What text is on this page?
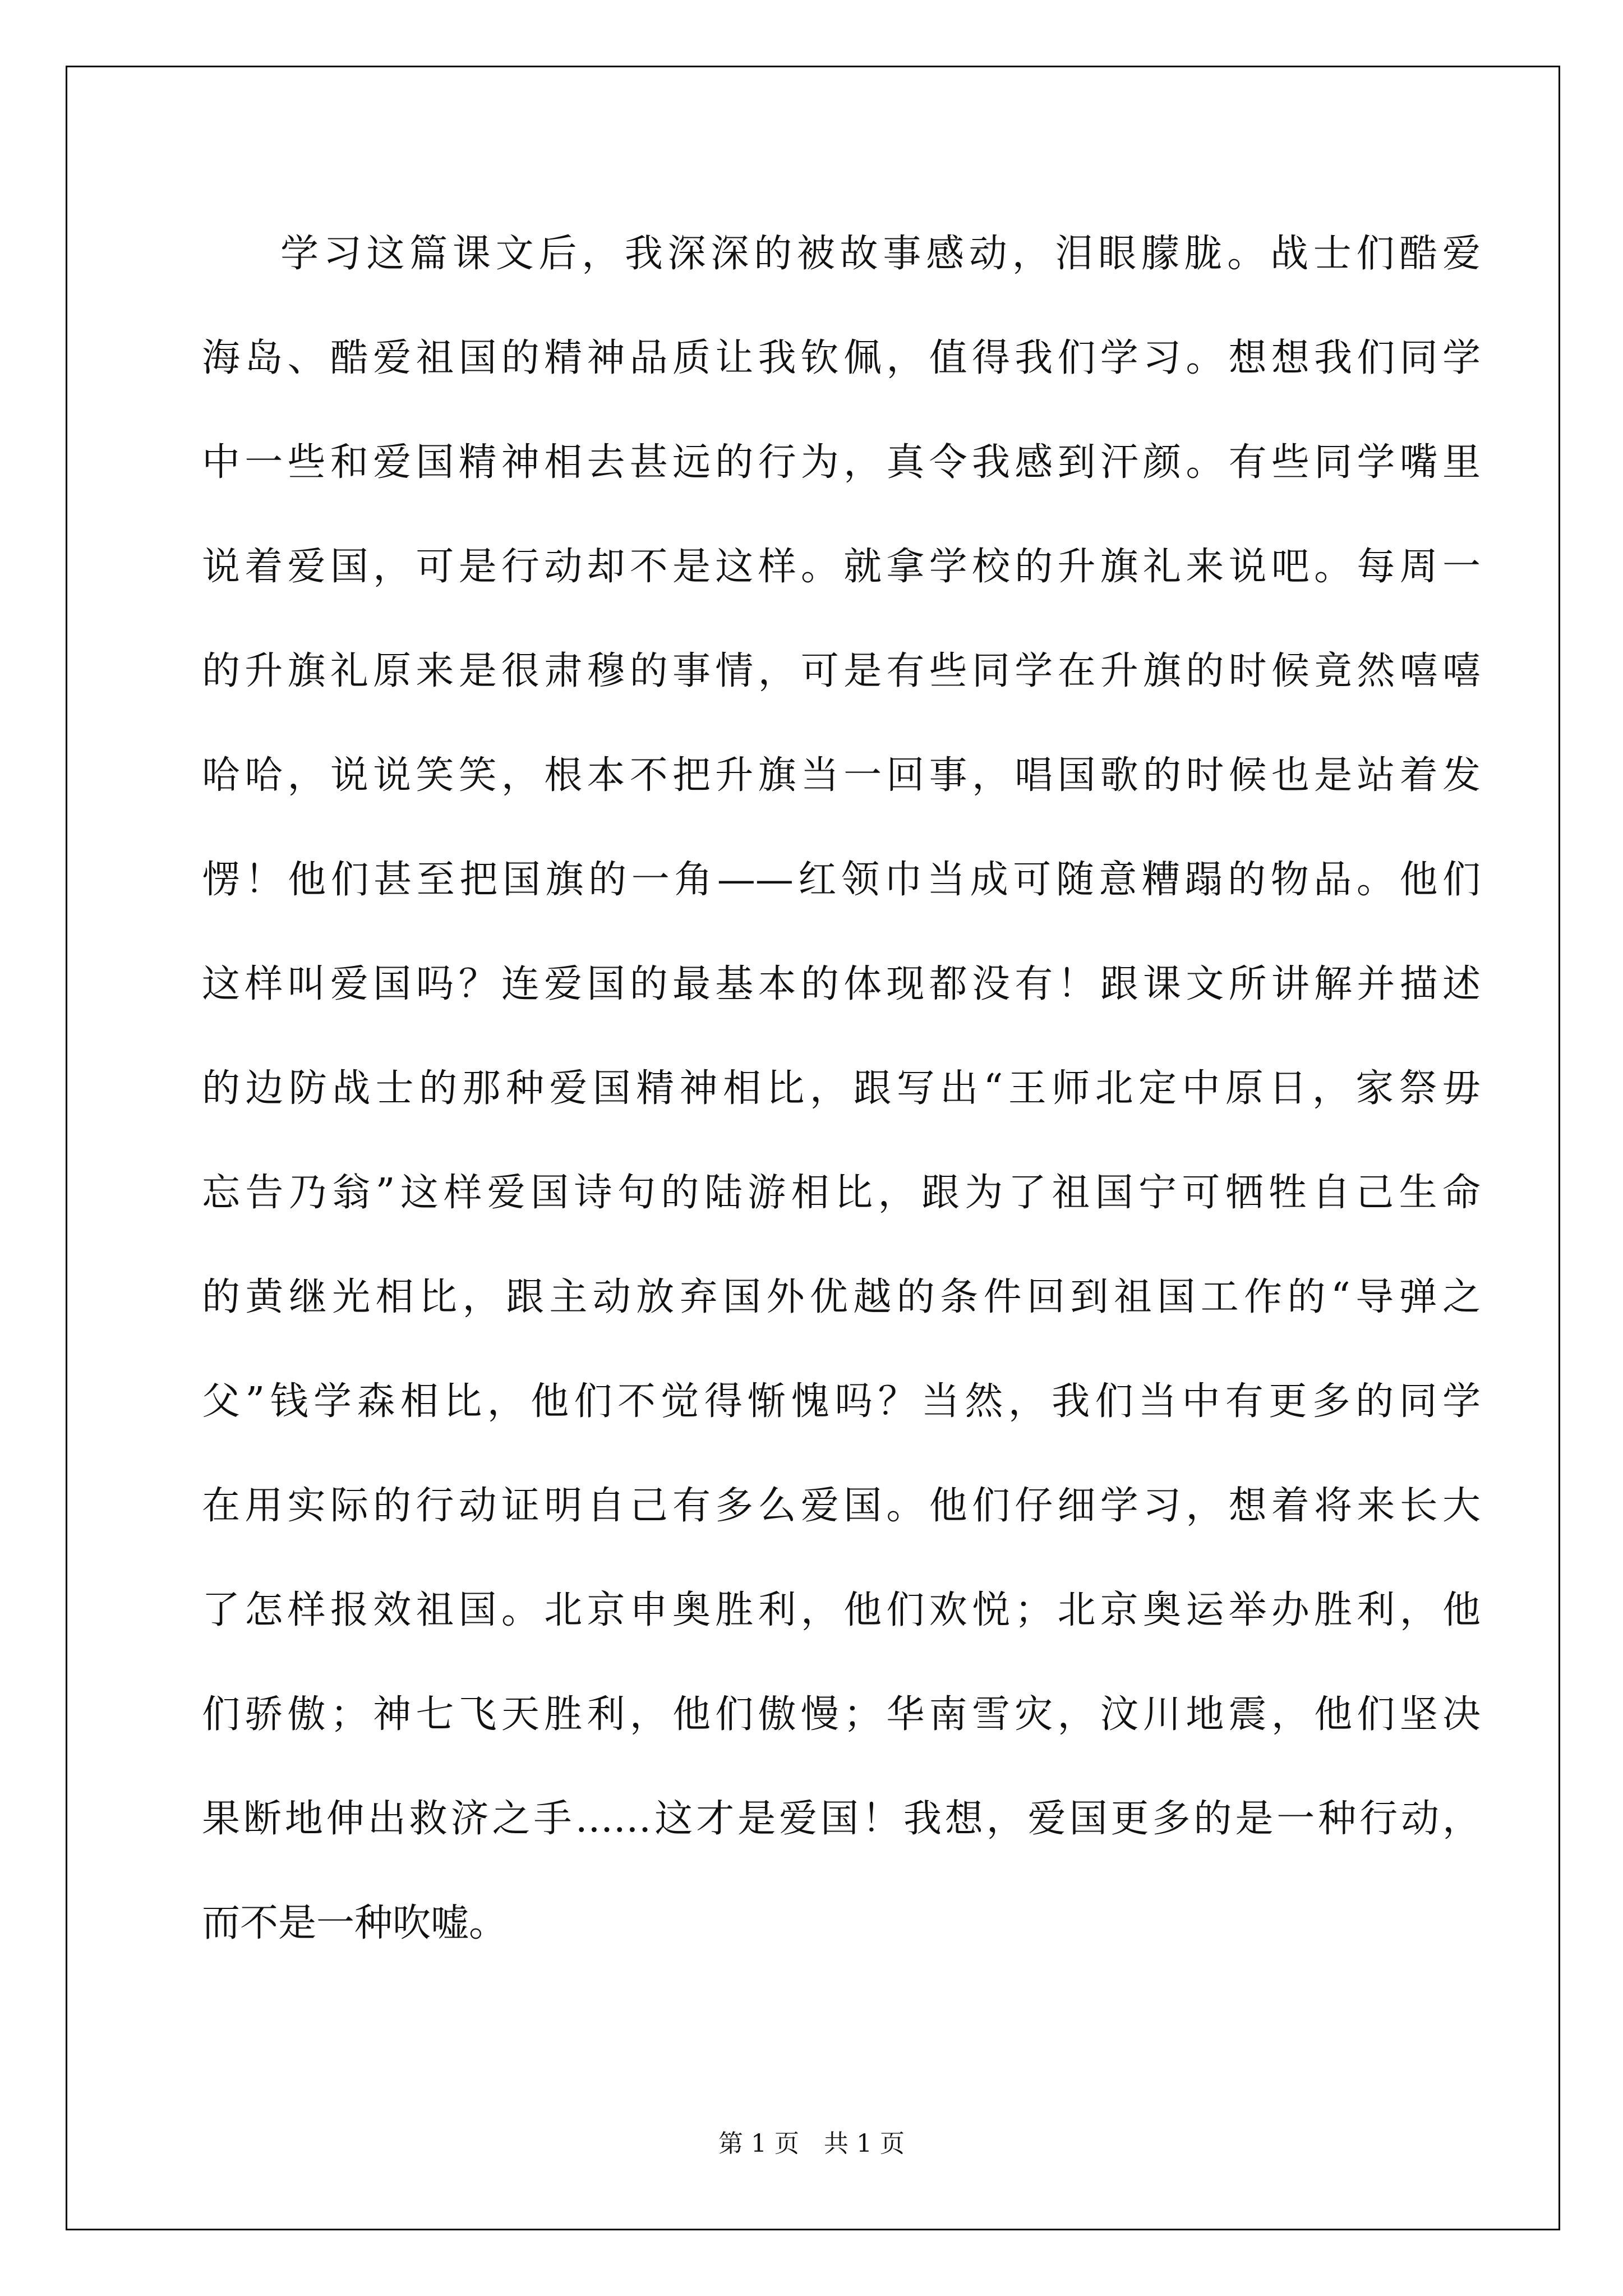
学习这篇课文后，我深深的被故事感动，泪眼朦胧。战士们酷爱
海岛、酷爱祖国的精神品质让我钦佩，值得我们学习。想想我们同学
中一些和爱国精神相去甚远的行为，真令我感到汗颜。有些同学嘴里
说着爱国，可是行动却不是这样。就拿学校的升旗礼来说吧。每周一
的升旗礼原来是很肃穆的事情，可是有些同学在升旗的时候竟然嘻嘻
哈哈，说说笑笑，根本不把升旗当一回事，唱国歌的时候也是站着发
愣！他们甚至把国旗的一角——红领巾当成可随意糟蹋的物品。他们
这样叫爱国吗？连爱国的最基本的体现都没有！跟课文所讲解并描述
的边防战士的那种爱国精神相比，跟写出“王师北定中原日，家祭毋
忘告乃翁”这样爱国诗句的陆游相比，跟为了祖国宁可牺牲自己生命
的黄继光相比，跟主动放弃国外优越的条件回到祖国工作的“导弹之
父”钱学森相比，他们不觉得惭愧吗？当然，我们当中有更多的同学
在用实际的行动证明自己有多么爱国。他们仔细学习，想着将来长大
了怎样报效祖国。北京申奥胜利，他们欢悦；北京奥运举办胜利，他
们骄傲；神七飞天胜利，他们傲慢；华南雪灾，汶川地震，他们坚决
果断地伸出救济之手……这才是爱国！我想，爱国更多的是一种行动，
而不是一种吹嘘。
第 1 页　共 1 页
